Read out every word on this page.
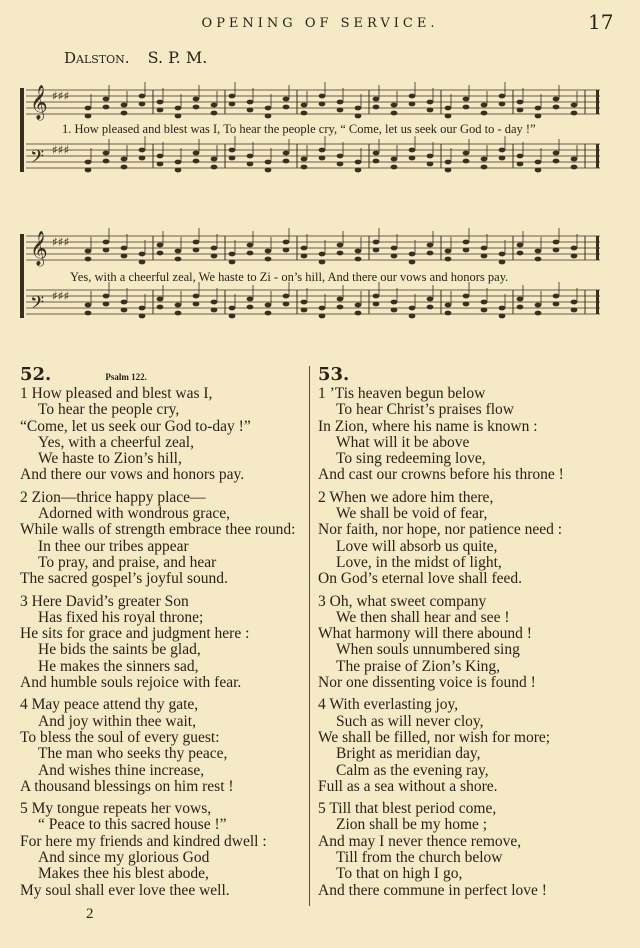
OPENING OF SERVICE.	17
Dalston. S. P. M.
𝄞 ♯♯♯
𝄢 ♯♯♯
1. How pleased and blest was I, To hear the people cry, “ Come, let us seek our God to - day !”
𝄞 ♯♯♯
𝄢 ♯♯♯
Yes, with a cheerful zeal, We haste to Zi - on’s hill, And there our vows and honors pay.
52.	Psalm 122.
1 How pleased and blest was I,
To hear the people cry,
“Come, let us seek our God to-day !”
Yes, with a cheerful zeal,
We haste to Zion’s hill,
And there our vows and honors pay.
2 Zion—thrice happy place—
Adorned with wondrous grace,
While walls of strength embrace thee round:
In thee our tribes appear
To pray, and praise, and hear
The sacred gospel’s joyful sound.
3 Here David’s greater Son
Has fixed his royal throne;
He sits for grace and judgment here :
He bids the saints be glad,
He makes the sinners sad,
And humble souls rejoice with fear.
4 May peace attend thy gate,
And joy within thee wait,
To bless the soul of every guest:
The man who seeks thy peace,
And wishes thine increase,
A thousand blessings on him rest !
5 My tongue repeats her vows,
“ Peace to this sacred house !”
For here my friends and kindred dwell :
And since my glorious God
Makes thee his blest abode,
My soul shall ever love thee well.
53.
1 ’Tis heaven begun below
To hear Christ’s praises flow
In Zion, where his name is known :
What will it be above
To sing redeeming love,
And cast our crowns before his throne !
2 When we adore him there,
We shall be void of fear,
Nor faith, nor hope, nor patience need :
Love will absorb us quite,
Love, in the midst of light,
On God’s eternal love shall feed.
3 Oh, what sweet company
We then shall hear and see !
What harmony will there abound !
When souls unnumbered sing
The praise of Zion’s King,
Nor one dissenting voice is found !
4 With everlasting joy,
Such as will never cloy,
We shall be filled, nor wish for more;
Bright as meridian day,
Calm as the evening ray,
Full as a sea without a shore.
5 Till that blest period come,
Zion shall be my home ;
And may I never thence remove,
Till from the church below
To that on high I go,
And there commune in perfect love !
2
